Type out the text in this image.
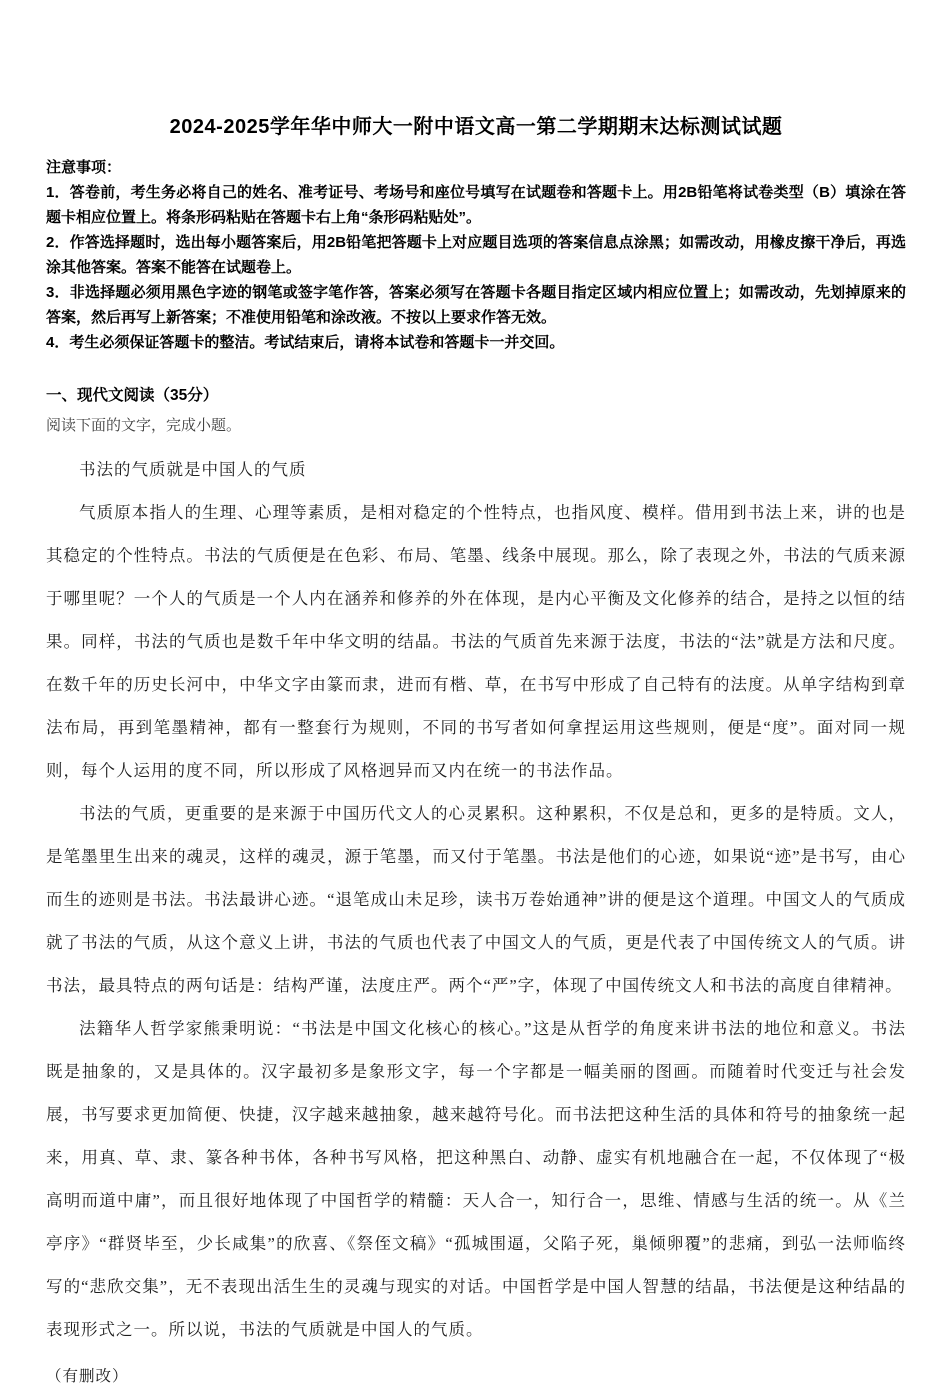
2024-2025学年华中师大一附中语文高一第二学期期末达标测试试题

注意事项：

1．答卷前，考生务必将自己的姓名、准考证号、考场号和座位号填写在试题卷和答题卡上。用2B铅笔将试卷类型（B）填涂在答题卡相应位置上。将条形码粘贴在答题卡右上角“条形码粘贴处”。

2．作答选择题时，选出每小题答案后，用2B铅笔把答题卡上对应题目选项的答案信息点涂黑；如需改动，用橡皮擦干净后，再选涂其他答案。答案不能答在试题卷上。

3．非选择题必须用黑色字迹的钢笔或签字笔作答，答案必须写在答题卡各题目指定区域内相应位置上；如需改动，先划掉原来的答案，然后再写上新答案；不准使用铅笔和涂改液。不按以上要求作答无效。

4．考生必须保证答题卡的整洁。考试结束后，请将本试卷和答题卡一并交回。

一、现代文阅读（35分）

阅读下面的文字，完成小题。

书法的气质就是中国人的气质

气质原本指人的生理、心理等素质，是相对稳定的个性特点，也指风度、模样。借用到书法上来，讲的也是其稳定的个性特点。书法的气质便是在色彩、布局、笔墨、线条中展现。那么，除了表现之外，书法的气质来源于哪里呢？一个人的气质是一个人内在涵养和修养的外在体现，是内心平衡及文化修养的结合，是持之以恒的结果。同样，书法的气质也是数千年中华文明的结晶。书法的气质首先来源于法度，书法的“法”就是方法和尺度。在数千年的历史长河中，中华文字由篆而隶，进而有楷、草，在书写中形成了自己特有的法度。从单字结构到章法布局，再到笔墨精神，都有一整套行为规则，不同的书写者如何拿捏运用这些规则，便是“度”。面对同一规则，每个人运用的度不同，所以形成了风格迥异而又内在统一的书法作品。

书法的气质，更重要的是来源于中国历代文人的心灵累积。这种累积，不仅是总和，更多的是特质。文人，是笔墨里生出来的魂灵，这样的魂灵，源于笔墨，而又付于笔墨。书法是他们的心迹，如果说“迹”是书写，由心而生的迹则是书法。书法最讲心迹。“退笔成山未足珍，读书万卷始通神”讲的便是这个道理。中国文人的气质成就了书法的气质，从这个意义上讲，书法的气质也代表了中国文人的气质，更是代表了中国传统文人的气质。讲书法，最具特点的两句话是：结构严谨，法度庄严。两个“严”字，体现了中国传统文人和书法的高度自律精神。

法籍华人哲学家熊秉明说：“书法是中国文化核心的核心。”这是从哲学的角度来讲书法的地位和意义。书法既是抽象的，又是具体的。汉字最初多是象形文字，每一个字都是一幅美丽的图画。而随着时代变迁与社会发展，书写要求更加简便、快捷，汉字越来越抽象，越来越符号化。而书法把这种生活的具体和符号的抽象统一起来，用真、草、隶、篆各种书体，各种书写风格，把这种黑白、动静、虚实有机地融合在一起，不仅体现了“极高明而道中庸”，而且很好地体现了中国哲学的精髓：天人合一，知行合一，思维、情感与生活的统一。从《兰亭序》“群贤毕至，少长咸集”的欣喜、《祭侄文稿》“孤城围逼，父陷子死，巢倾卵覆”的悲痛，到弘一法师临终写的“悲欣交集”，无不表现出活生生的灵魂与现实的对话。中国哲学是中国人智慧的结晶，书法便是这种结晶的表现形式之一。所以说，书法的气质就是中国人的气质。

（有删改）
